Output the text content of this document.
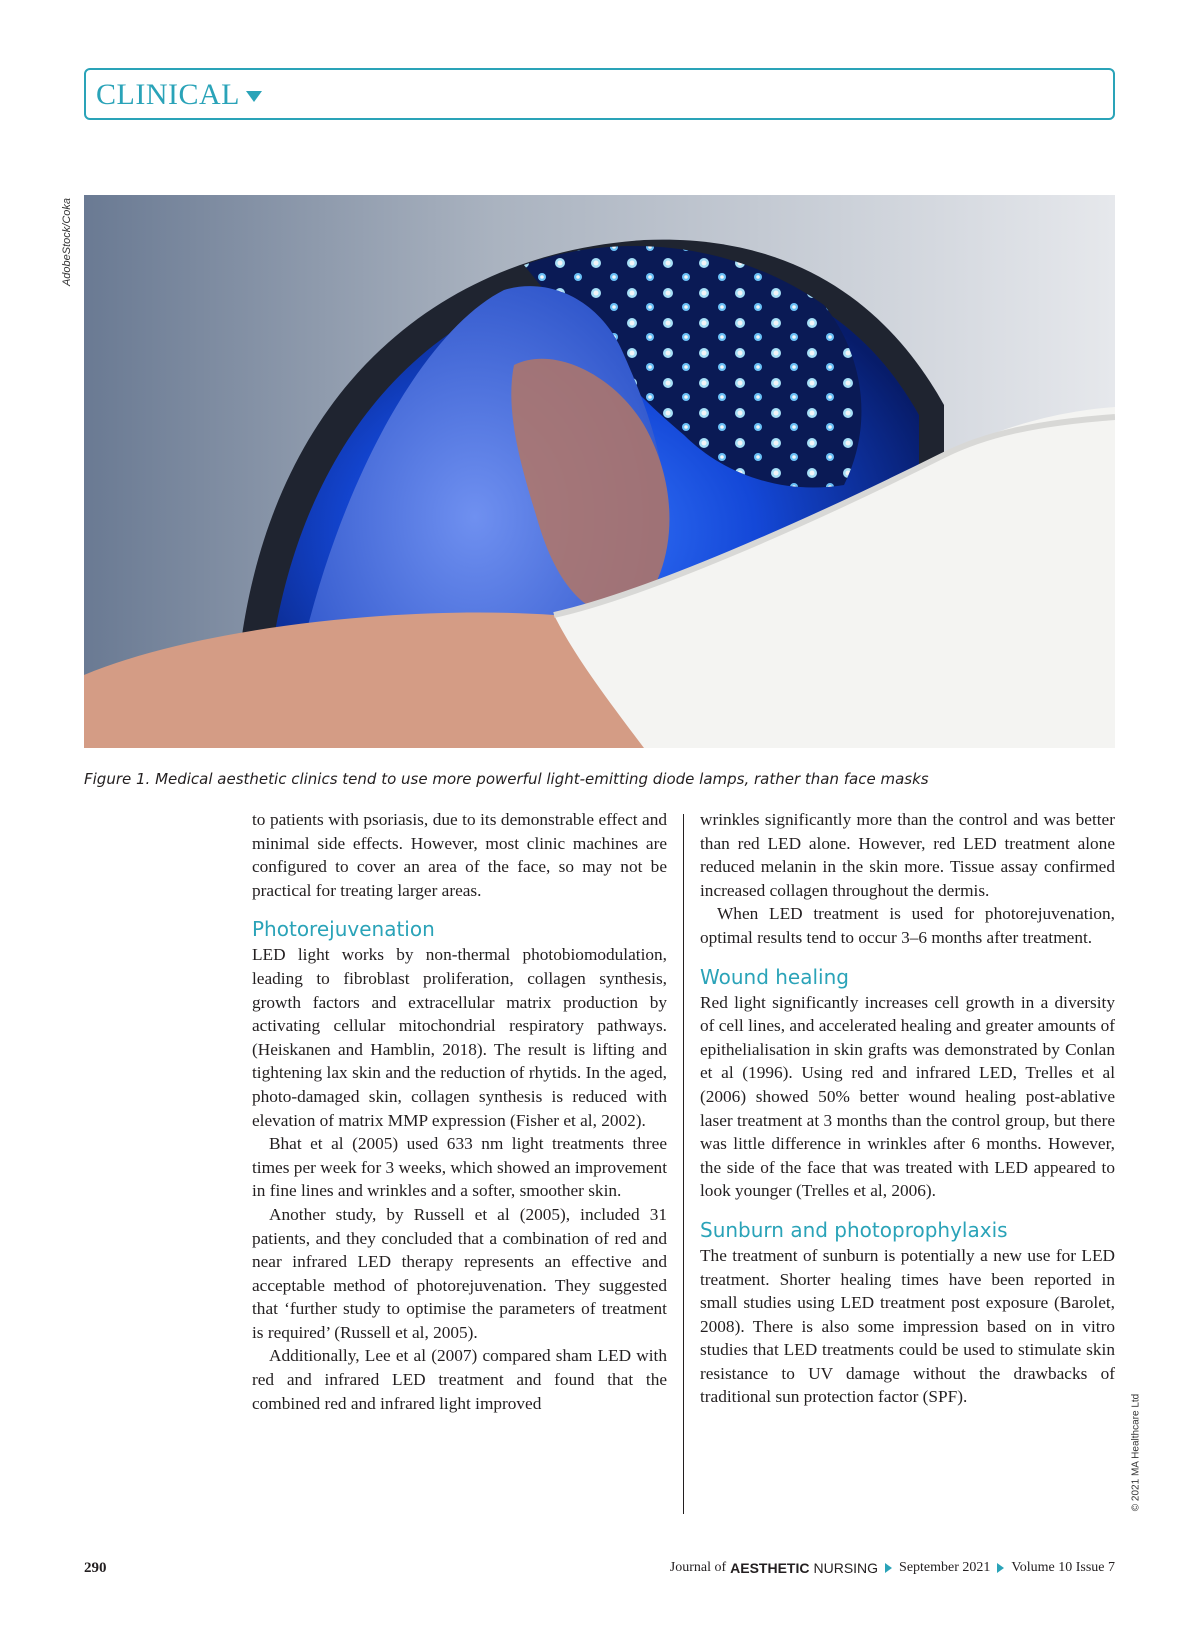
CLINICAL
AdobeStock/Coka
Figure 1. Medical aesthetic clinics tend to use more powerful light-emitting diode lamps, rather than face masks

to patients with psoriasis, due to its demonstrable effect and minimal side effects. However, most clinic machines are configured to cover an area of the face, so may not be practical for treating larger areas.

Photorejuvenation

LED light works by non-thermal photobiomodulation, leading to fibroblast proliferation, collagen synthesis, growth factors and extracellular matrix production by activating cellular mitochondrial respiratory pathways. (Heiskanen and Hamblin, 2018). The result is lifting and tightening lax skin and the reduction of rhytids. In the aged, photo-damaged skin, collagen synthesis is reduced with elevation of matrix MMP expression (Fisher et al, 2002).

Bhat et al (2005) used 633 nm light treatments three times per week for 3 weeks, which showed an improvement in fine lines and wrinkles and a softer, smoother skin.

Another study, by Russell et al (2005), included 31 patients, and they concluded that a combination of red and near infrared LED therapy represents an effective and acceptable method of photorejuvenation. They suggested that ‘further study to optimise the parameters of treatment is required’ (Russell et al, 2005).

Additionally, Lee et al (2007) compared sham LED with red and infrared LED treatment and found that the combined red and infrared light improved

wrinkles significantly more than the control and was better than red LED alone. However, red LED treatment alone reduced melanin in the skin more. Tissue assay confirmed increased collagen throughout the dermis.

When LED treatment is used for photorejuvenation, optimal results tend to occur 3–6 months after treatment.

Wound healing

Red light significantly increases cell growth in a diversity of cell lines, and accelerated healing and greater amounts of epithelialisation in skin grafts was demonstrated by Conlan et al (1996). Using red and infrared LED, Trelles et al (2006) showed 50% better wound healing post-ablative laser treatment at 3 months than the control group, but there was little difference in wrinkles after 6 months. However, the side of the face that was treated with LED appeared to look younger (Trelles et al, 2006).

Sunburn and photoprophylaxis

The treatment of sunburn is potentially a new use for LED treatment. Shorter healing times have been reported in small studies using LED treatment post exposure (Barolet, 2008). There is also some impression based on in vitro studies that LED treatments could be used to stimulate skin resistance to UV damage without the drawbacks of traditional sun protection factor (SPF).	© 2021 MA Healthcare Ltd
290	Journal of AESTHETIC NURSING September 2021 Volume 10 Issue 7
